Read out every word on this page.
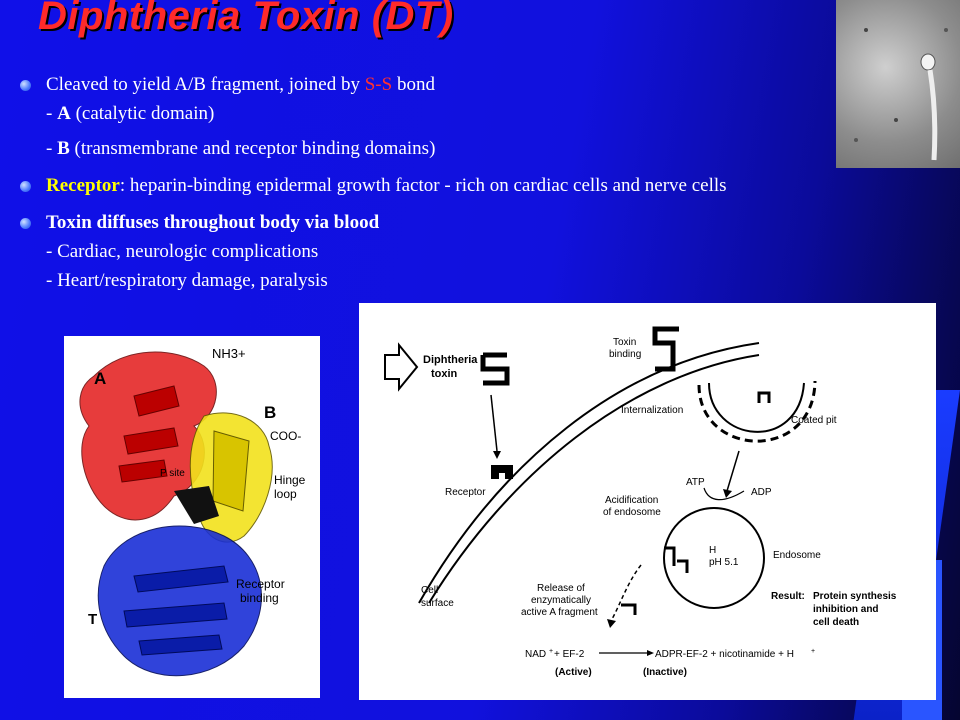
Diphtheria Toxin (DT)
Cleaved to yield A/B fragment, joined by S-S bond
- A (catalytic domain)
- B (transmembrane and receptor binding domains)
Receptor: heparin-binding epidermal growth factor - rich on cardiac cells and nerve cells
Toxin diffuses throughout body via blood
- Cardiac, neurologic complications
- Heart/respiratory damage, paralysis
NH3+
A
B
COO-
P site	Hinge
loop
Receptor
binding
T
Diphtheria
toxin
Receptor
Cell
surface
Toxin
binding
Internalization
Coated pit
ATP
ADP
Acidification
of endosome
H
pH 5.1
Endosome
Release of
enzymatically
active A fragment
Result: Protein synthesis
inhibition and
cell death
NAD + + EF-2	ADPR-EF-2 + nicotinamide + H +
(Active)	(Inactive)
